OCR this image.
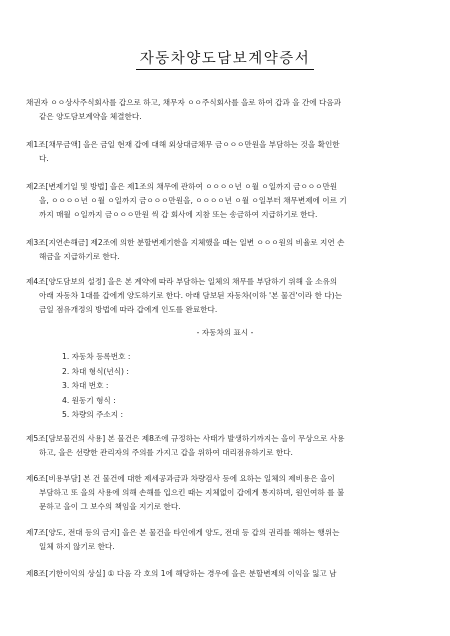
자동차양도담보계약증서
채권자 ㅇㅇ상사주식회사를 갑으로 하고, 채무자 ㅇㅇ주식회사를 을로 하여 갑과 을 간에 다음과
같은 양도담보계약을 체결한다.
제1조[채무금액] 을은 금일 현재 갑에 대해 외상대금채무 금ㅇㅇㅇ만원을 부담하는 것을 확인한
다.
제2조[변제기일 및 방법] 을은 제1조의 채무에 관하여 ㅇㅇㅇㅇ년 ㅇ월 ㅇ일까지 금ㅇㅇㅇ만원
을, ㅇㅇㅇㅇ년 ㅇ월 ㅇ일까지 금ㅇㅇㅇ만원을, ㅇㅇㅇㅇ년 ㅇ월 ㅇ일부터 채무변제에 이르 기
까지 매월 ㅇ일까지 금ㅇㅇㅇ만원 씩 갑 회사에 지참 또는 송금하여 지급하기로 한다.
제3조[지연손해금] 제2조에 의한 분할변제기한을 지체했을 때는 일변 ㅇㅇㅇ원의 비율로 지연 손
해금을 지급하기로 한다.
제4조[양도담보의 설정] 을은 본 계약에 따라 부담하는 일체의 채무를 부담하기 위해 을 소유의
아래 자동차 1대를 갑에게 양도하기로 한다. 아래 담보된 자동차(이하 '본 물건'이라 한 다)는
금일 점유개정의 방법에 따라 갑에게 인도를 완료한다.
- 자동차의 표시 -
1. 자동차 등록번호 :
2. 차대 형식(년식) :
3. 차대 번호 :
4. 원동기 형식 :
5. 차량의 주소지 :
제5조[담보물건의 사용] 본 물건은 제8조에 규정하는 사태가 발생하기까지는 을이 무상으로 사용
하고, 을은 선량한 관리자의 주의를 가지고 갑을 위하여 대리점유하기로 한다.
제6조[비용부담] 본 건 물건에 대한 제세공과금과 차량검사 등에 요하는 일체의 제비용은 을이
부담하고 또 을의 사용에 의해 손해를 입으킨 때는 지체없이 갑에게 통지하며, 원인여하 를 불
문하고 을이 그 보수의 책임을 지기로 한다.
제7조[양도, 전대 등의 금지] 을은 본 물건을 타인에게 양도, 전대 등 갑의 권리를 해하는 행위는
일체 하지 않기로 한다.
제8조[기한이익의 상실] ① 다음 각 호의 1에 해당하는 경우에 을은 분할변제의 이익을 잃고 남
